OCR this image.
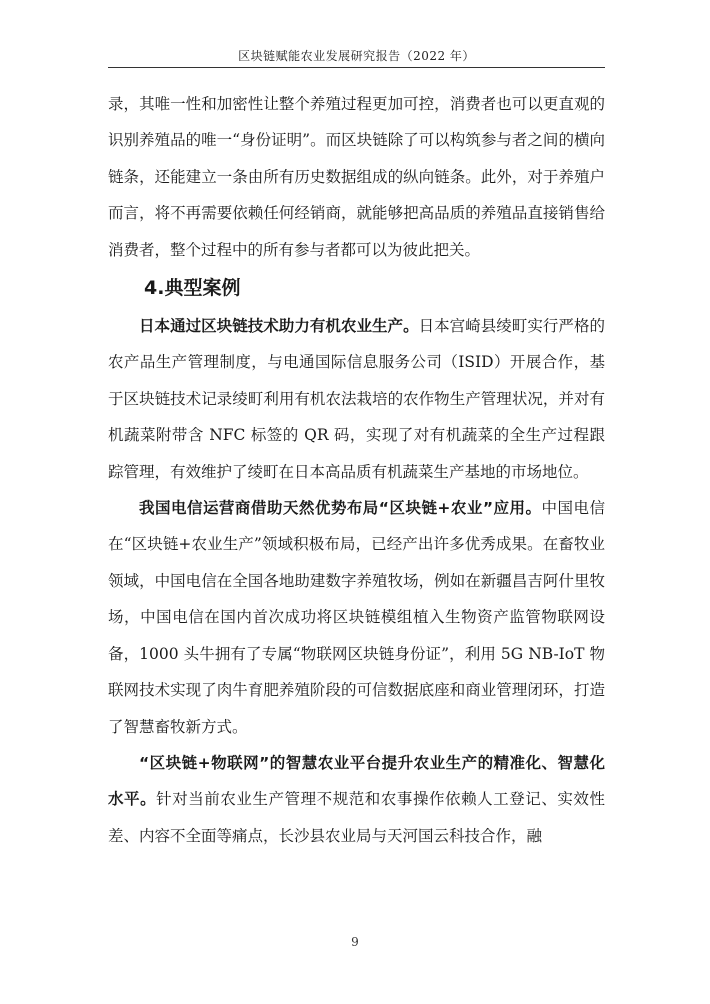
区块链赋能农业发展研究报告（2022 年）

录，其唯一性和加密性让整个养殖过程更加可控，消费者也可以更直观的识别养殖品的唯一“身份证明”。而区块链除了可以构筑参与者之间的横向链条，还能建立一条由所有历史数据组成的纵向链条。此外，对于养殖户而言，将不再需要依赖任何经销商，就能够把高品质的养殖品直接销售给消费者，整个过程中的所有参与者都可以为彼此把关。

4.典型案例

日本通过区块链技术助力有机农业生产。日本宫崎县绫町实行严格的农产品生产管理制度，与电通国际信息服务公司（ISID）开展合作，基于区块链技术记录绫町利用有机农法栽培的农作物生产管理状况，并对有机蔬菜附带含 NFC 标签的 QR 码，实现了对有机蔬菜的全生产过程跟踪管理，有效维护了绫町在日本高品质有机蔬菜生产基地的市场地位。

我国电信运营商借助天然优势布局“区块链+农业”应用。中国电信在“区块链+农业生产”领域积极布局，已经产出许多优秀成果。在畜牧业领域，中国电信在全国各地助建数字养殖牧场，例如在新疆昌吉阿什里牧场，中国电信在国内首次成功将区块链模组植入生物资产监管物联网设备，1000 头牛拥有了专属“物联网区块链身份证”，利用 5G NB-IoT 物联网技术实现了肉牛育肥养殖阶段的可信数据底座和商业管理闭环，打造了智慧畜牧新方式。

“区块链+物联网”的智慧农业平台提升农业生产的精准化、智慧化水平。针对当前农业生产管理不规范和农事操作依赖人工登记、实效性差、内容不全面等痛点，长沙县农业局与天河国云科技合作，融

9
